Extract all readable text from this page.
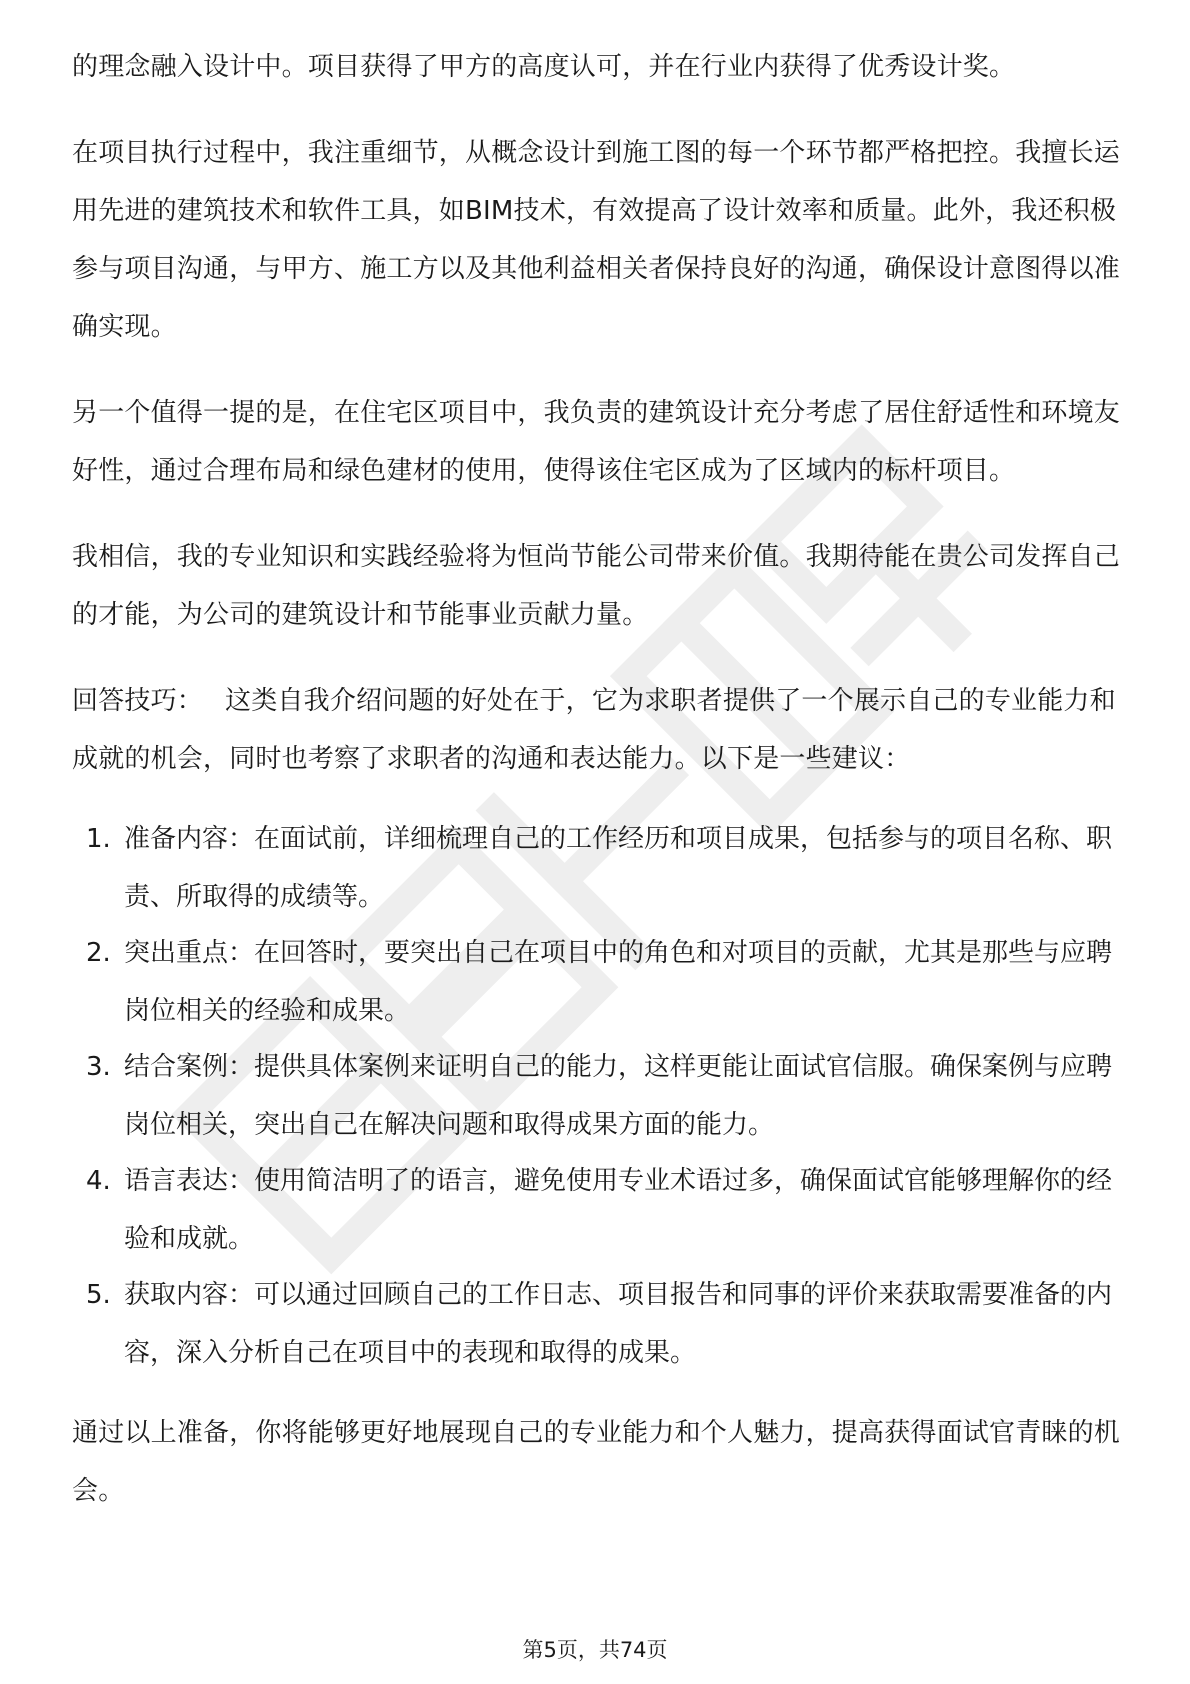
的理念融入设计中。项目获得了甲方的高度认可，并在行业内获得了优秀设计奖。

在项目执行过程中，我注重细节，从概念设计到施工图的每一个环节都严格把控。我擅长运用先进的建筑技术和软件工具，如BIM技术，有效提高了设计效率和质量。此外，我还积极参与项目沟通，与甲方、施工方以及其他利益相关者保持良好的沟通，确保设计意图得以准确实现。

另一个值得一提的是，在住宅区项目中，我负责的建筑设计充分考虑了居住舒适性和环境友好性，通过合理布局和绿色建材的使用，使得该住宅区成为了区域内的标杆项目。

我相信，我的专业知识和实践经验将为恒尚节能公司带来价值。我期待能在贵公司发挥自己的才能，为公司的建筑设计和节能事业贡献力量。

回答技巧： 这类自我介绍问题的好处在于，它为求职者提供了一个展示自己的专业能力和成就的机会，同时也考察了求职者的沟通和表达能力。以下是一些建议：

1. 准备内容：在面试前，详细梳理自己的工作经历和项目成果，包括参与的项目名称、职责、所取得的成绩等。
2. 突出重点：在回答时，要突出自己在项目中的角色和对项目的贡献，尤其是那些与应聘岗位相关的经验和成果。
3. 结合案例：提供具体案例来证明自己的能力，这样更能让面试官信服。确保案例与应聘岗位相关，突出自己在解决问题和取得成果方面的能力。
4. 语言表达：使用简洁明了的语言，避免使用专业术语过多，确保面试官能够理解你的经验和成就。
5. 获取内容：可以通过回顾自己的工作日志、项目报告和同事的评价来获取需要准备的内容，深入分析自己在项目中的表现和取得的成果。

通过以上准备，你将能够更好地展现自己的专业能力和个人魅力，提高获得面试官青睐的机会。

第5页，共74页
